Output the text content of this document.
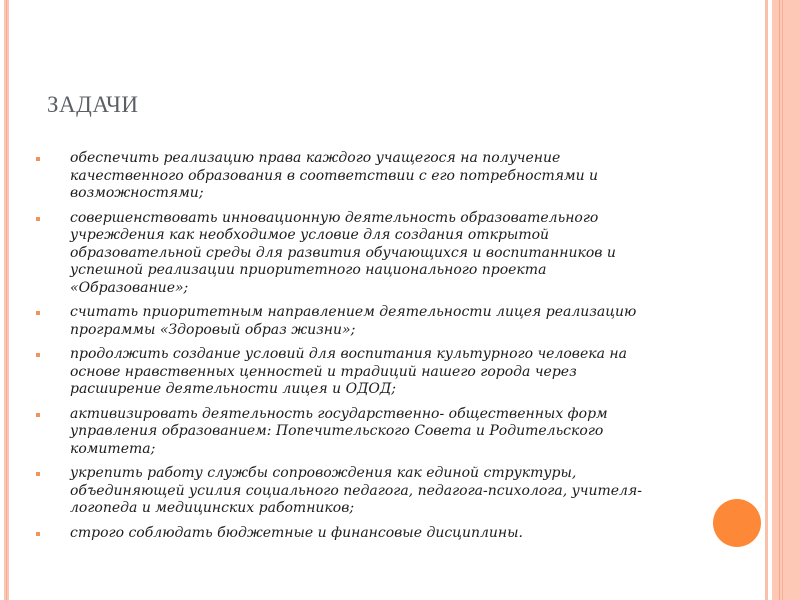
ЗАДАЧИ
обеспечить реализацию права каждого учащегося на получение
качественного образования в соответствии с его потребностями и
возможностями;
совершенствовать инновационную деятельность образовательного
учреждения как необходимое условие для создания открытой
образовательной среды для развития обучающихся и воспитанников и
успешной реализации приоритетного национального проекта
«Образование»;
считать приоритетным направлением деятельности лицея реализацию
программы «Здоровый образ жизни»;
продолжить создание условий для воспитания культурного человека на
основе нравственных ценностей и традиций нашего города через
расширение деятельности лицея и ОДОД;
активизировать деятельность государственно- общественных форм
управления образованием: Попечительского Совета и Родительского
комитета;
укрепить работу службы сопровождения как единой структуры,
объединяющей усилия социального педагога, педагога-психолога, учителя-
логопеда и медицинских работников;
строго соблюдать бюджетные и финансовые дисциплины.
